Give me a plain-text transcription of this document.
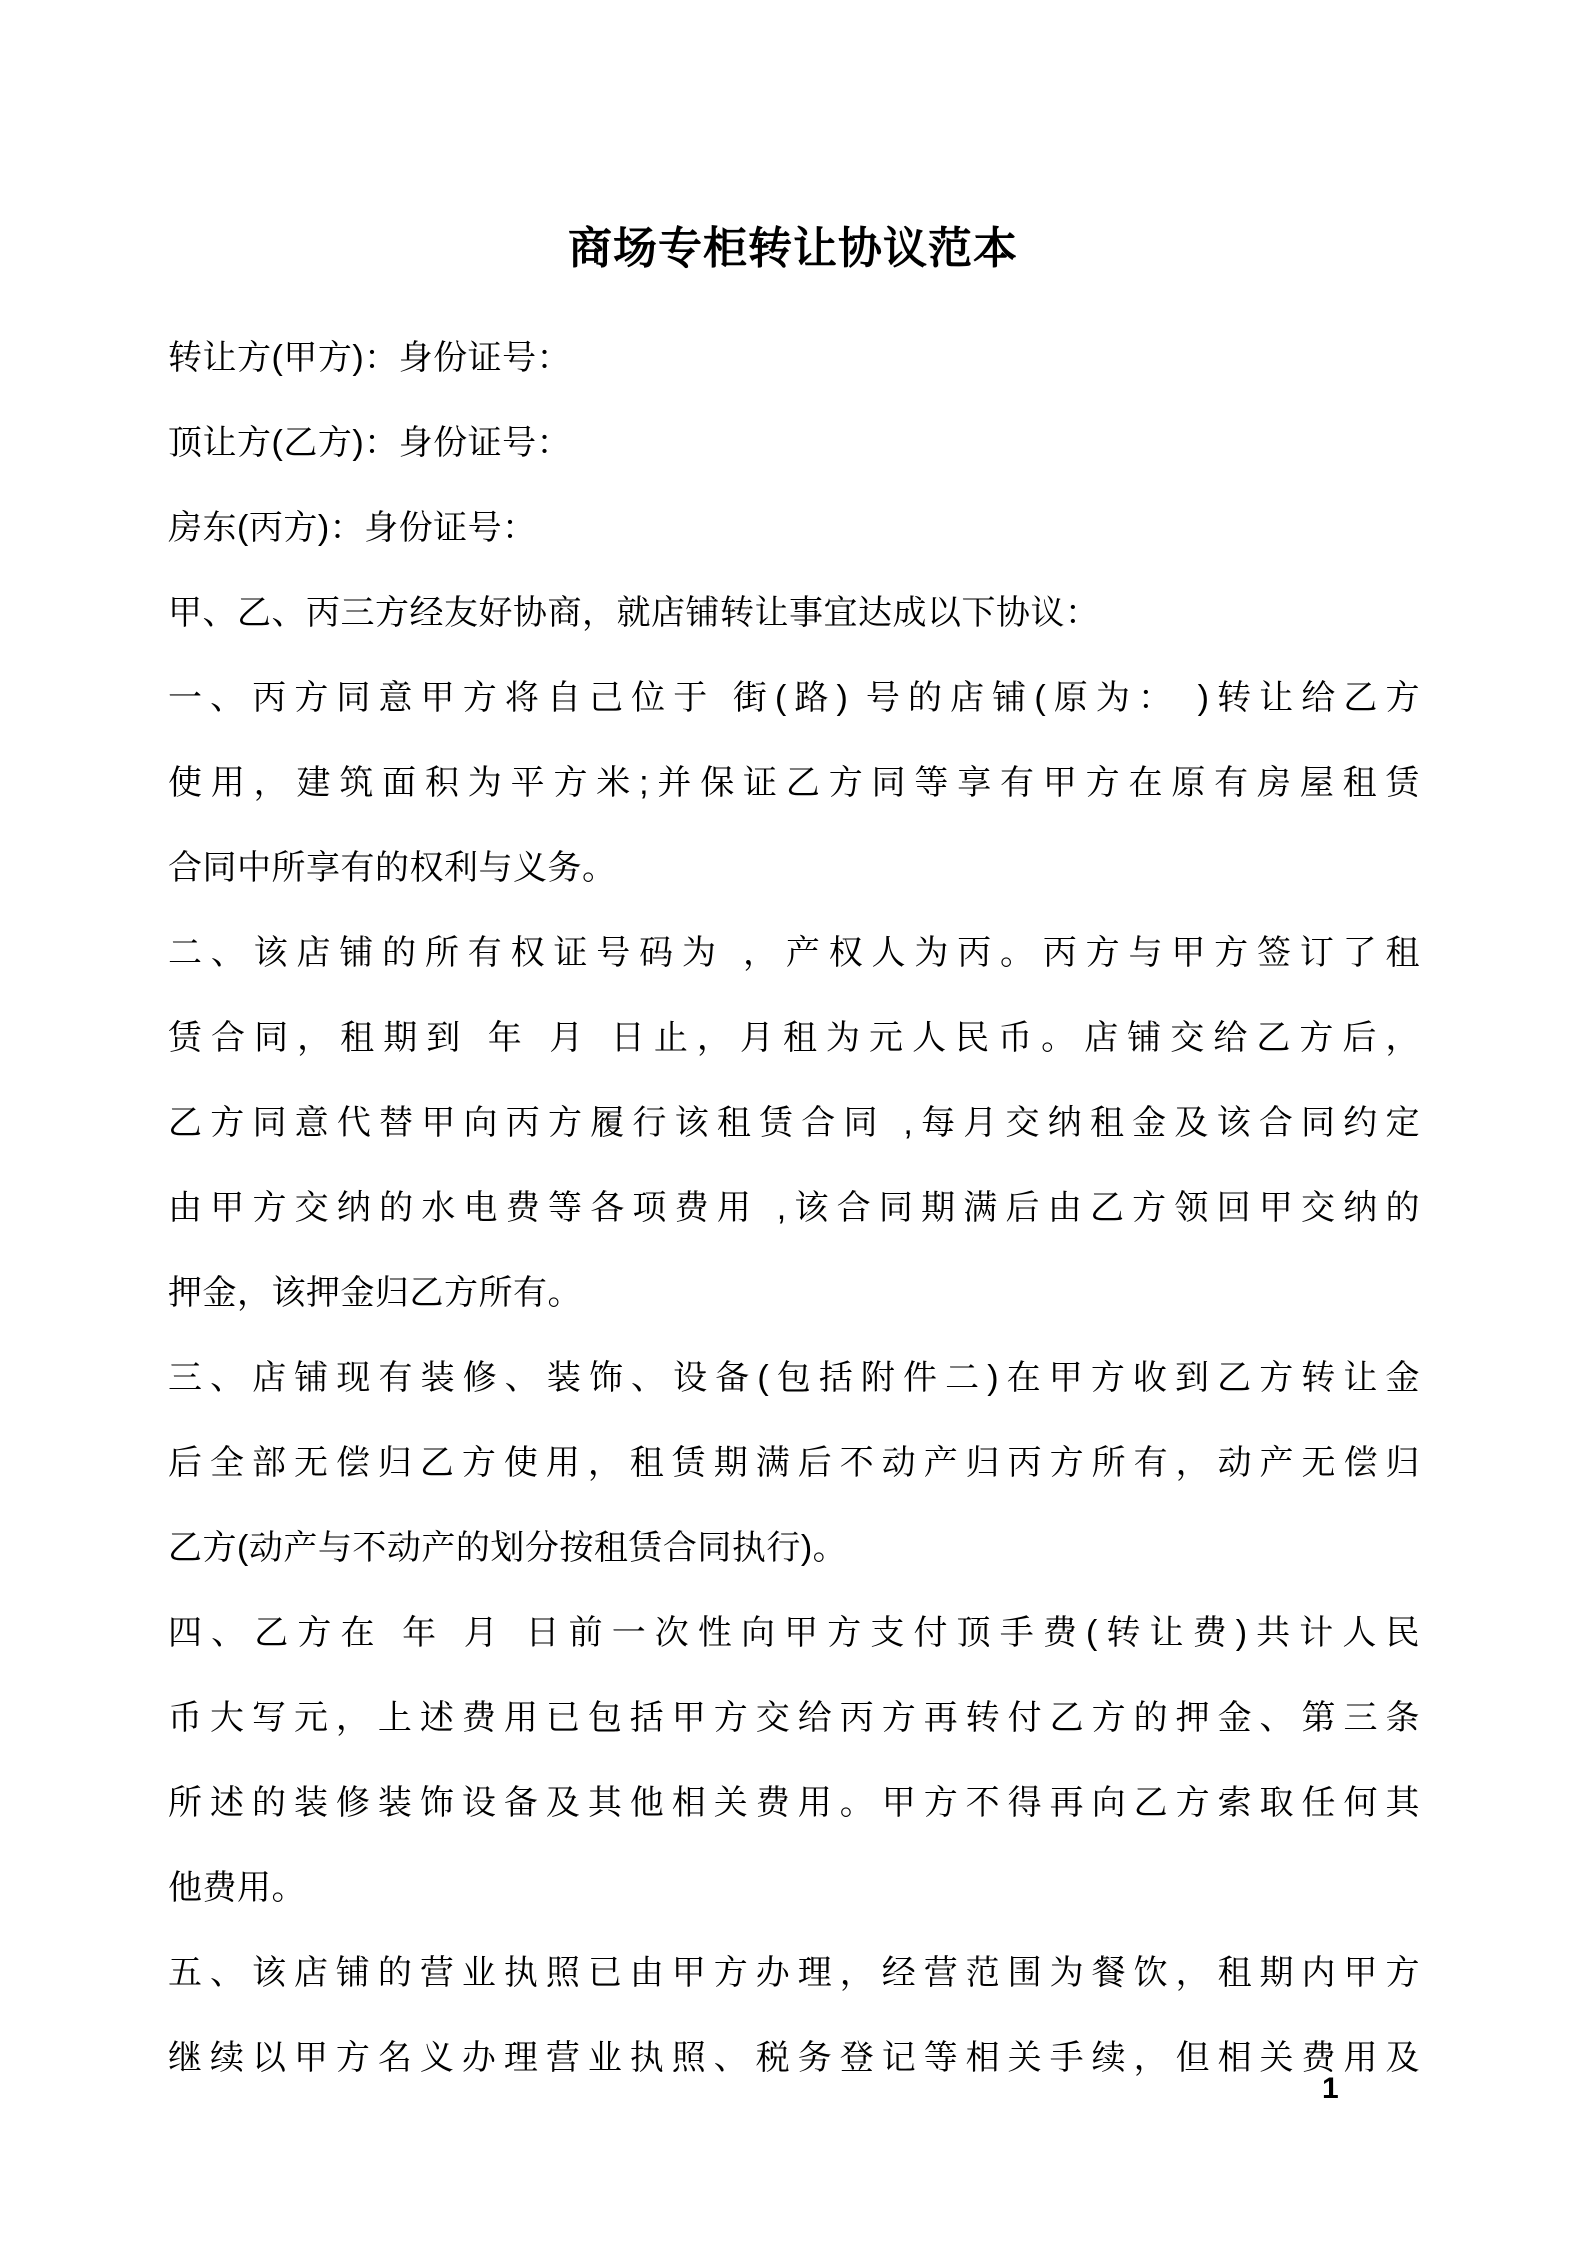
商场专柜转让协议范本
转让方(甲方)：身份证号：
顶让方(乙方)：身份证号：
房东(丙方)：身份证号：
甲、乙、丙三方经友好协商，就店铺转让事宜达成以下协议：
一、丙方同意甲方将自己位于 街(路) 号的店铺(原为： )转让给乙方
使用，建筑面积为平方米;并保证乙方同等享有甲方在原有房屋租赁
合同中所享有的权利与义务。
二、该店铺的所有权证号码为 ，产权人为丙。丙方与甲方签订了租
赁合同，租期到 年 月 日止，月租为元人民币。店铺交给乙方后，
乙方同意代替甲向丙方履行该租赁合同 ,每月交纳租金及该合同约定
由甲方交纳的水电费等各项费用 ,该合同期满后由乙方领回甲交纳的
押金，该押金归乙方所有。
三、店铺现有装修、装饰、设备(包括附件二)在甲方收到乙方转让金
后全部无偿归乙方使用，租赁期满后不动产归丙方所有，动产无偿归
乙方(动产与不动产的划分按租赁合同执行)。
四、乙方在 年 月 日前一次性向甲方支付顶手费(转让费)共计人民
币大写元，上述费用已包括甲方交给丙方再转付乙方的押金、第三条
所述的装修装饰设备及其他相关费用。甲方不得再向乙方索取任何其
他费用。
五、该店铺的营业执照已由甲方办理，经营范围为餐饮，租期内甲方
继续以甲方名义办理营业执照、税务登记等相关手续，但相关费用及
1
